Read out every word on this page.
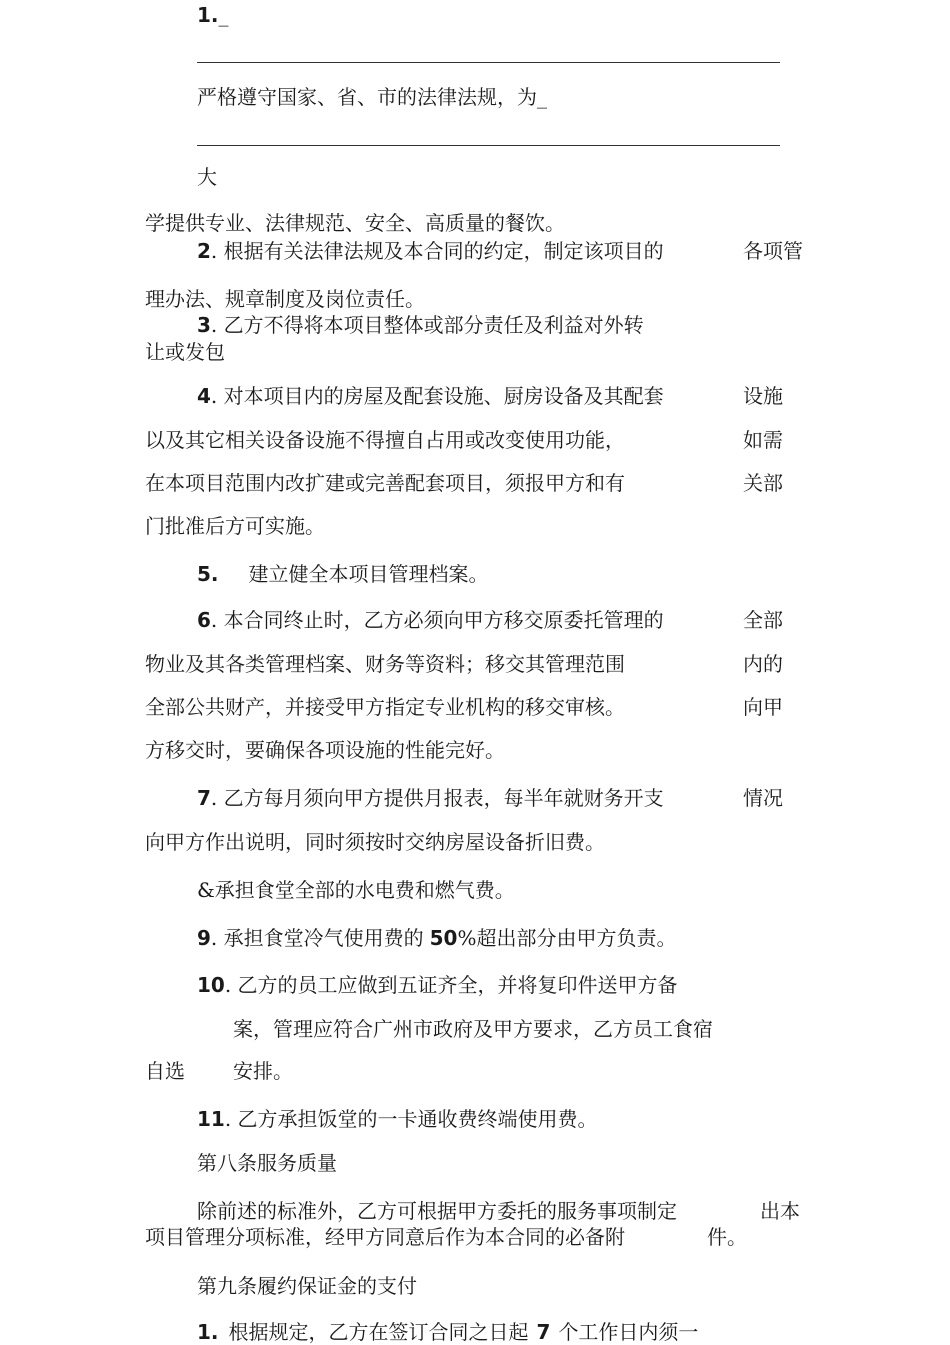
1._
严格遵守国家、省、市的法律法规，为_
大
学提供专业、法律规范、安全、高质量的餐饮。
2. 根据有关法律法规及本合同的约定，制定该项目的	各项管
理办法、规章制度及岗位责任。
3. 乙方不得将本项目整体或部分责任及利益对外转
让或发包
4. 对本项目内的房屋及配套设施、厨房设备及其配套	设施
以及其它相关设备设施不得擅自占用或改变使用功能，	如需
在本项目范围内改扩建或完善配套项目，须报甲方和有	关部
门批准后方可实施。
5. 建立健全本项目管理档案。
6. 本合同终止时，乙方必须向甲方移交原委托管理的	全部
物业及其各类管理档案、财务等资料；移交其管理范围	内的
全部公共财产，并接受甲方指定专业机构的移交审核。	向甲
方移交时，要确保各项设施的性能完好。
7. 乙方每月须向甲方提供月报表，每半年就财务开支	情况
向甲方作出说明，同时须按时交纳房屋设备折旧费。
&承担食堂全部的水电费和燃气费。
9. 承担食堂冷气使用费的 50%超出部分由甲方负责。
10. 乙方的员工应做到五证齐全，并将复印件送甲方备
案，管理应符合广州市政府及甲方要求，乙方员工食宿
自选 安排。
11. 乙方承担饭堂的一卡通收费终端使用费。
第八条服务质量
除前述的标准外，乙方可根据甲方委托的服务事项制定	出本
项目管理分项标准，经甲方同意后作为本合同的必备附	件。
第九条履约保证金的支付
1. 根据规定，乙方在签订合同之日起 7 个工作日内须一
